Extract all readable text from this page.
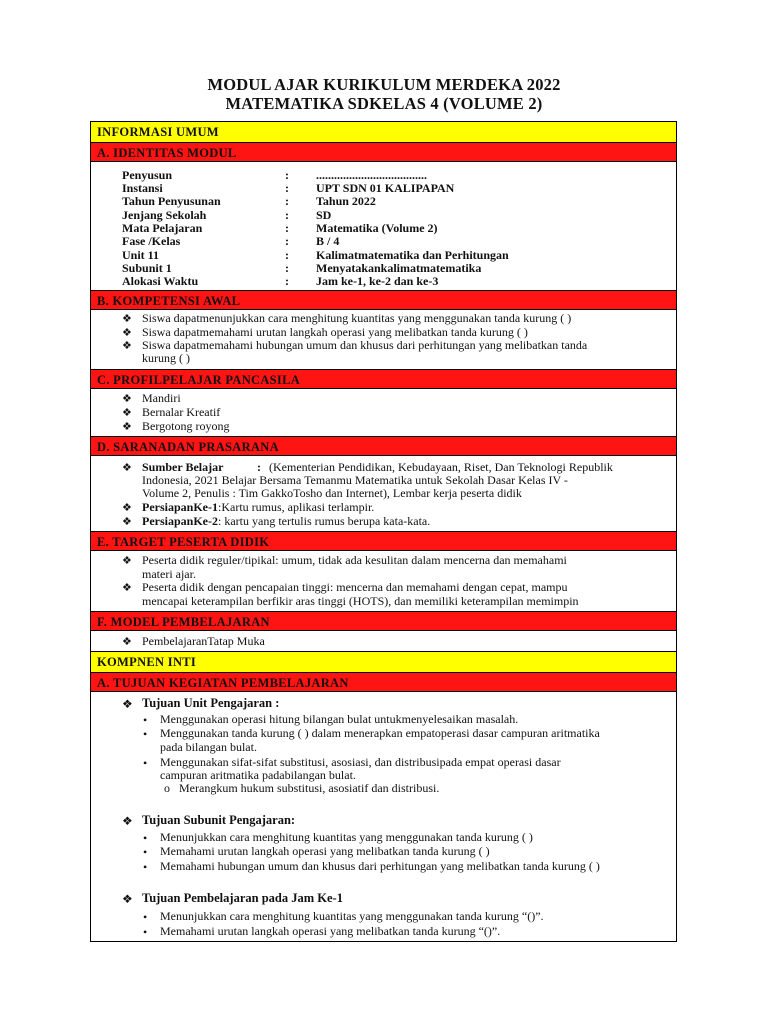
MODUL AJAR KURIKULUM MERDEKA 2022
MATEMATIKA SDKELAS 4 (VOLUME 2)
INFORMASI UMUM
A. IDENTITAS MODUL
Penyusun	: .....................................
Instansi	: UPT SDN 01 KALIPAPAN
Tahun Penyusunan	: Tahun 2022
Jenjang Sekolah	: SD
Mata Pelajaran	: Matematika (Volume 2)
Fase /Kelas	: B / 4
Unit 11	: Kalimatmatematika dan Perhitungan
Subunit 1	: Menyatakankalimatmatematika
Alokasi Waktu	: Jam ke-1, ke-2 dan ke-3
B. KOMPETENSI AWAL
❖ Siswa dapatmenunjukkan cara menghitung kuantitas yang menggunakan tanda kurung ( )
❖ Siswa dapatmemahami urutan langkah operasi yang melibatkan tanda kurung ( )
❖ Siswa dapatmemahami hubungan umum dan khusus dari perhitungan yang melibatkan tanda
kurung ( )
C. PROFILPELAJAR PANCASILA
❖ Mandiri
❖ Bernalar Kreatif
❖ Bergotong royong
D. SARANADAN PRASARANA
❖ Sumber Belajar	: (Kementerian Pendidikan, Kebudayaan, Riset, Dan Teknologi Republik
Indonesia, 2021 Belajar Bersama Temanmu Matematika untuk Sekolah Dasar Kelas IV -
Volume 2, Penulis : Tim GakkoTosho dan Internet), Lembar kerja peserta didik
❖ PersiapanKe-1:Kartu rumus, aplikasi terlampir.
❖ PersiapanKe-2: kartu yang tertulis rumus berupa kata-kata.
E. TARGET PESERTA DIDIK
❖ Peserta didik reguler/tipikal: umum, tidak ada kesulitan dalam mencerna dan memahami
materi ajar.
❖ Peserta didik dengan pencapaian tinggi: mencerna dan memahami dengan cepat, mampu
mencapai keterampilan berfikir aras tinggi (HOTS), dan memiliki keterampilan memimpin
F. MODEL PEMBELAJARAN
❖ PembelajaranTatap Muka
KOMPNEN INTI
A. TUJUAN KEGIATAN PEMBELAJARAN
❖ Tujuan Unit Pengajaran :
• Menggunakan operasi hitung bilangan bulat untukmenyelesaikan masalah.
• Menggunakan tanda kurung ( ) dalam menerapkan empatoperasi dasar campuran aritmatika
pada bilangan bulat.
• Menggunakan sifat-sifat substitusi, asosiasi, dan distribusipada empat operasi dasar
campuran aritmatika padabilangan bulat.
o Merangkum hukum substitusi, asosiatif dan distribusi.
❖ Tujuan Subunit Pengajaran:
• Menunjukkan cara menghitung kuantitas yang menggunakan tanda kurung ( )
• Memahami urutan langkah operasi yang melibatkan tanda kurung ( )
• Memahami hubungan umum dan khusus dari perhitungan yang melibatkan tanda kurung ( )
❖ Tujuan Pembelajaran pada Jam Ke-1
• Menunjukkan cara menghitung kuantitas yang menggunakan tanda kurung “()”.
• Memahami urutan langkah operasi yang melibatkan tanda kurung “()”.
